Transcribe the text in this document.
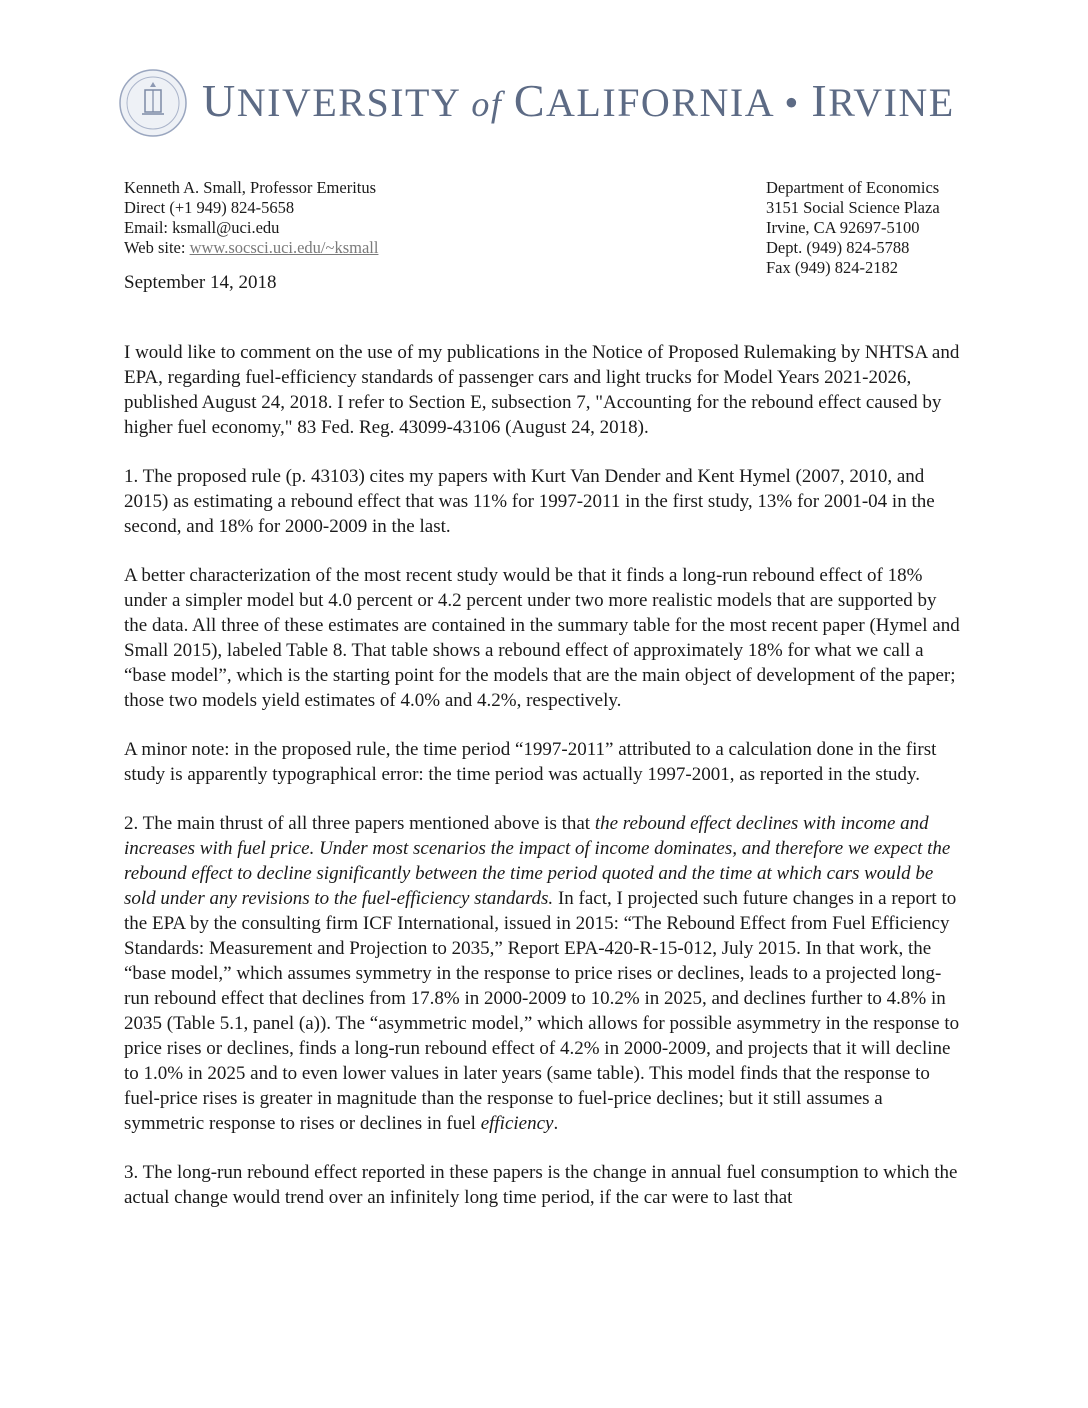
UNIVERSITY of CALIFORNIA • IRVINE
Kenneth A. Small, Professor Emeritus
Direct (+1 949) 824-5658
Email: ksmall@uci.edu
Web site: www.socsci.uci.edu/~ksmall
Department of Economics
3151 Social Science Plaza
Irvine, CA 92697-5100
Dept. (949) 824-5788
Fax (949) 824-2182
September 14, 2018

I would like to comment on the use of my publications in the Notice of Proposed Rulemaking by NHTSA and EPA, regarding fuel-efficiency standards of passenger cars and light trucks for Model Years 2021-2026, published August 24, 2018. I refer to Section E, subsection 7, "Accounting for the rebound effect caused by higher fuel economy," 83 Fed. Reg. 43099-43106 (August 24, 2018).

1. The proposed rule (p. 43103) cites my papers with Kurt Van Dender and Kent Hymel (2007, 2010, and 2015) as estimating a rebound effect that was 11% for 1997-2011 in the first study, 13% for 2001-04 in the second, and 18% for 2000-2009 in the last.

A better characterization of the most recent study would be that it finds a long-run rebound effect of 18% under a simpler model but 4.0 percent or 4.2 percent under two more realistic models that are supported by the data. All three of these estimates are contained in the summary table for the most recent paper (Hymel and Small 2015), labeled Table 8. That table shows a rebound effect of approximately 18% for what we call a “base model”, which is the starting point for the models that are the main object of development of the paper; those two models yield estimates of 4.0% and 4.2%, respectively.

A minor note: in the proposed rule, the time period “1997-2011” attributed to a calculation done in the first study is apparently typographical error: the time period was actually 1997-2001, as reported in the study.

2. The main thrust of all three papers mentioned above is that the rebound effect declines with income and increases with fuel price. Under most scenarios the impact of income dominates, and therefore we expect the rebound effect to decline significantly between the time period quoted and the time at which cars would be sold under any revisions to the fuel-efficiency standards. In fact, I projected such future changes in a report to the EPA by the consulting firm ICF International, issued in 2015: “The Rebound Effect from Fuel Efficiency Standards: Measurement and Projection to 2035,” Report EPA-420-R-15-012, July 2015. In that work, the “base model,” which assumes symmetry in the response to price rises or declines, leads to a projected long-run rebound effect that declines from 17.8% in 2000-2009 to 10.2% in 2025, and declines further to 4.8% in 2035 (Table 5.1, panel (a)). The “asymmetric model,” which allows for possible asymmetry in the response to price rises or declines, finds a long-run rebound effect of 4.2% in 2000-2009, and projects that it will decline to 1.0% in 2025 and to even lower values in later years (same table). This model finds that the response to fuel-price rises is greater in magnitude than the response to fuel-price declines; but it still assumes a symmetric response to rises or declines in fuel efficiency.

3. The long-run rebound effect reported in these papers is the change in annual fuel consumption to which the actual change would trend over an infinitely long time period, if the car were to last that
